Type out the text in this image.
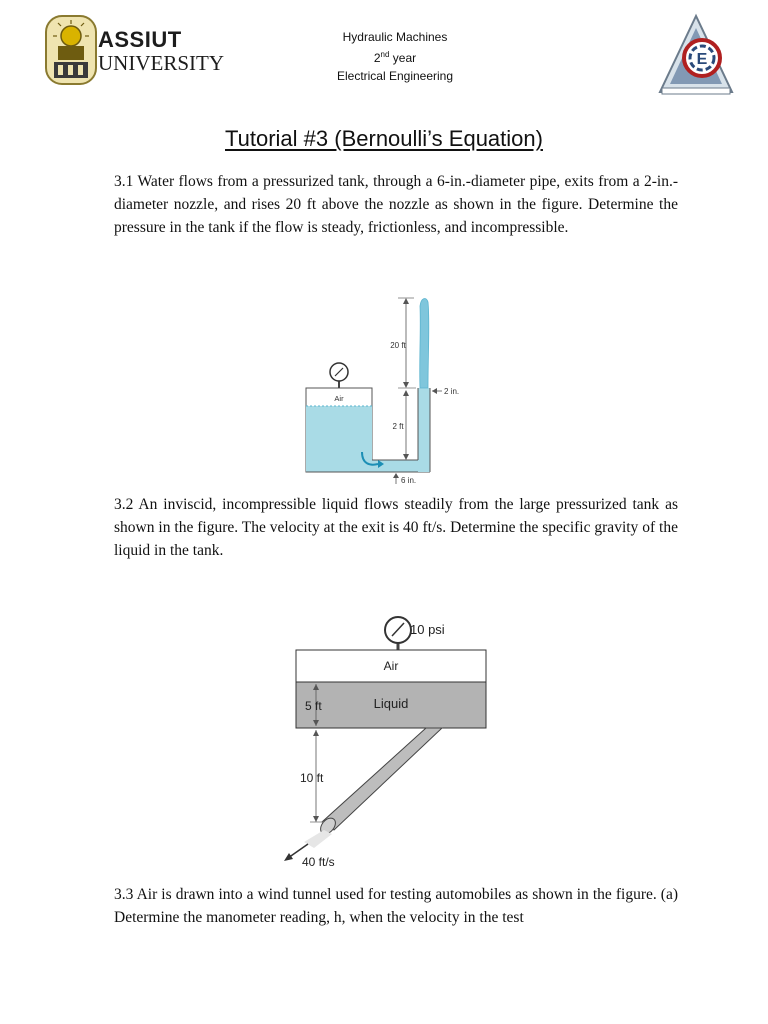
ASSIUT
UNIVERSITY
Hydraulic Machines
2nd year
Electrical Engineering
E
Tutorial #3 (Bernoulli’s Equation)
3.1 Water flows from a pressurized tank, through a 6-in.-diameter pipe, exits from a 2-in.-diameter nozzle, and rises 20 ft above the nozzle as shown in the figure. Determine the pressure in the tank if the flow is steady, frictionless, and incompressible.
20 ft
2 in.
Air
2 ft
6 in.
3.2 An inviscid, incompressible liquid flows steadily from the large pressurized tank as shown in the figure. The velocity at the exit is 40 ft/s. Determine the specific gravity of the liquid in the tank.
10 psi
Air
Liquid
5 ft
10 ft
40 ft/s
3.3 Air is drawn into a wind tunnel used for testing automobiles as shown in the figure. (a) Determine the manometer reading, h, when the velocity in the test
